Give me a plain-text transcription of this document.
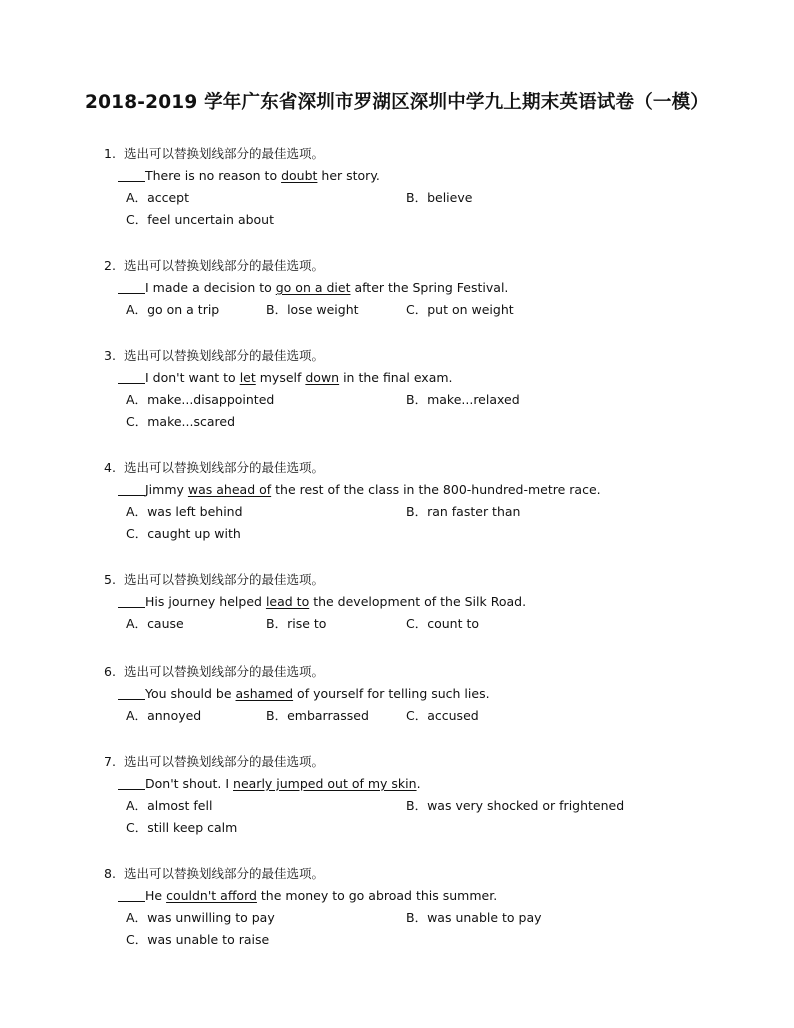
2018-2019 学年广东省深圳市罗湖区深圳中学九上期末英语试卷（一模）
1. 选出可以替换划线部分的最佳选项。
There is no reason to doubt her story.
A．accept	B．believe
C．feel uncertain about
2. 选出可以替换划线部分的最佳选项。
I made a decision to go on a diet after the Spring Festival.
A．go on a trip	B．lose weight	C．put on weight
3. 选出可以替换划线部分的最佳选项。
I don't want to let myself down in the final exam.
A．make...disappointed	B．make...relaxed
C．make...scared
4. 选出可以替换划线部分的最佳选项。
Jimmy was ahead of the rest of the class in the 800-hundred-metre race.
A．was left behind	B．ran faster than
C．caught up with
5. 选出可以替换划线部分的最佳选项。
His journey helped lead to the development of the Silk Road.
A．cause	B．rise to	C．count to
6. 选出可以替换划线部分的最佳选项。
You should be ashamed of yourself for telling such lies.
A．annoyed	B．embarrassed	C．accused
7. 选出可以替换划线部分的最佳选项。
Don't shout. I nearly jumped out of my skin.
A．almost fell	B．was very shocked or frightened
C．still keep calm
8. 选出可以替换划线部分的最佳选项。
He couldn't afford the money to go abroad this summer.
A．was unwilling to pay	B．was unable to pay
C．was unable to raise
